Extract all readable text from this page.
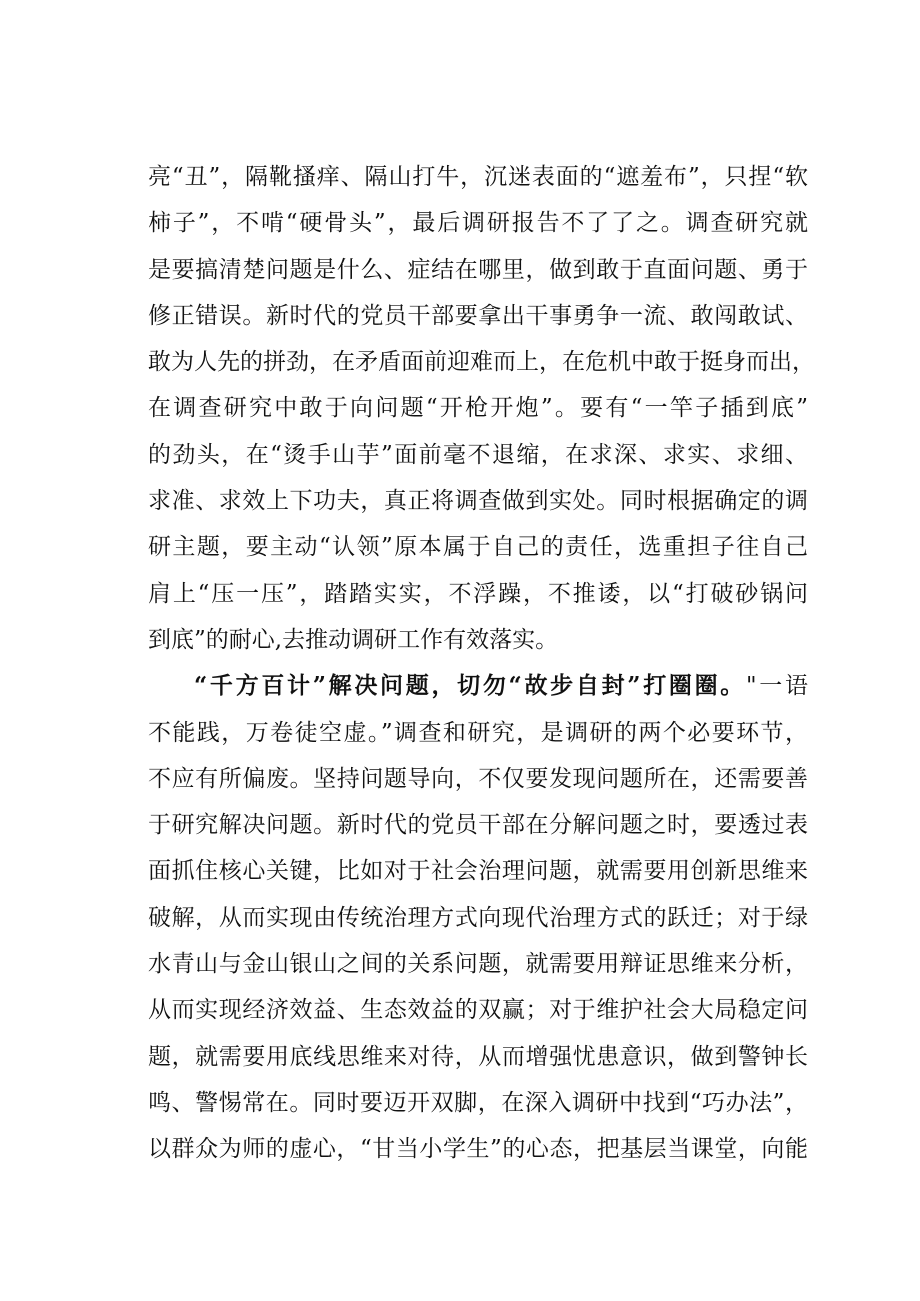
亮“丑”，隔靴搔痒、隔山打牛，沉迷表面的“遮羞布”，只捏“软
柿子”，不啃“硬骨头”，最后调研报告不了了之。调查研究就
是要搞清楚问题是什么、症结在哪里，做到敢于直面问题、勇于
修正错误。新时代的党员干部要拿出干事勇争一流、敢闯敢试、
敢为人先的拼劲，在矛盾面前迎难而上，在危机中敢于挺身而出，
在调查研究中敢于向问题“开枪开炮”。要有“一竿子插到底”
的劲头，在“烫手山芋”面前毫不退缩，在求深、求实、求细、
求准、求效上下功夫，真正将调查做到实处。同时根据确定的调
研主题，要主动“认领”原本属于自己的责任，选重担子往自己
肩上“压一压”，踏踏实实，不浮躁，不推诿，以“打破砂锅问
到底”的耐心,去推动调研工作有效落实。
“千方百计”解决问题，切勿“故步自封”打圈圈。"一语
不能践，万卷徒空虚。”调查和研究，是调研的两个必要环节，
不应有所偏废。坚持问题导向，不仅要发现问题所在，还需要善
于研究解决问题。新时代的党员干部在分解问题之时，要透过表
面抓住核心关键，比如对于社会治理问题，就需要用创新思维来
破解，从而实现由传统治理方式向现代治理方式的跃迁；对于绿
水青山与金山银山之间的关系问题，就需要用辩证思维来分析，
从而实现经济效益、生态效益的双赢；对于维护社会大局稳定问
题，就需要用底线思维来对待，从而增强忧患意识，做到警钟长
鸣、警惕常在。同时要迈开双脚，在深入调研中找到“巧办法”，
以群众为师的虚心，“甘当小学生”的心态，把基层当课堂，向能
